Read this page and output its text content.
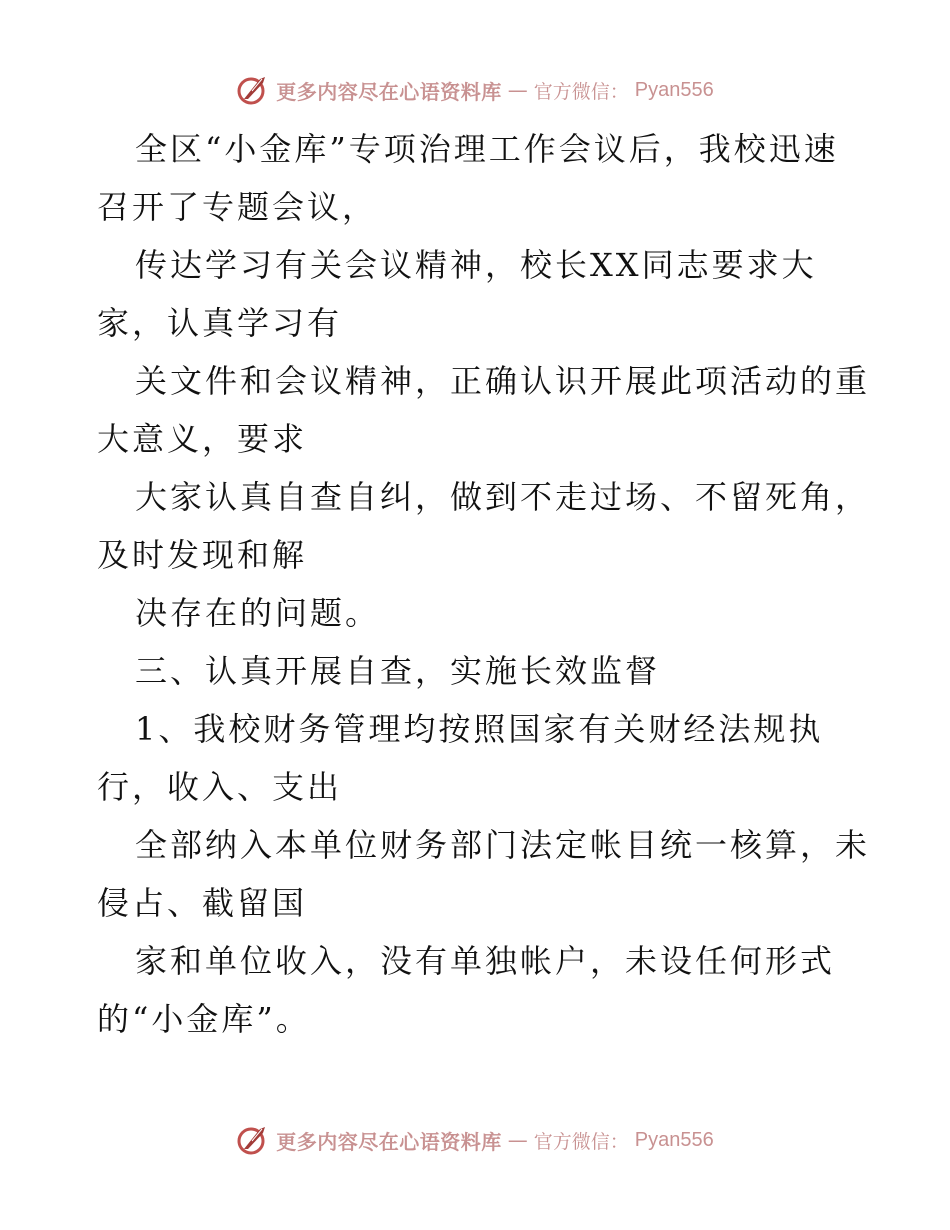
更多内容尽在心语资料库 — 官方微信： Pyan556
全区“小金库”专项治理工作会议后，我校迅速
召开了专题会议，
传达学习有关会议精神，校长XX同志要求大
家，认真学习有
关文件和会议精神，正确认识开展此项活动的重
大意义，要求
大家认真自查自纠，做到不走过场、不留死角，
及时发现和解
决存在的问题。
三、认真开展自查，实施长效监督
1、我校财务管理均按照国家有关财经法规执
行，收入、支出
全部纳入本单位财务部门法定帐目统一核算，未
侵占、截留国
家和单位收入，没有单独帐户，未设任何形式
的“小金库”。
更多内容尽在心语资料库 — 官方微信： Pyan556
